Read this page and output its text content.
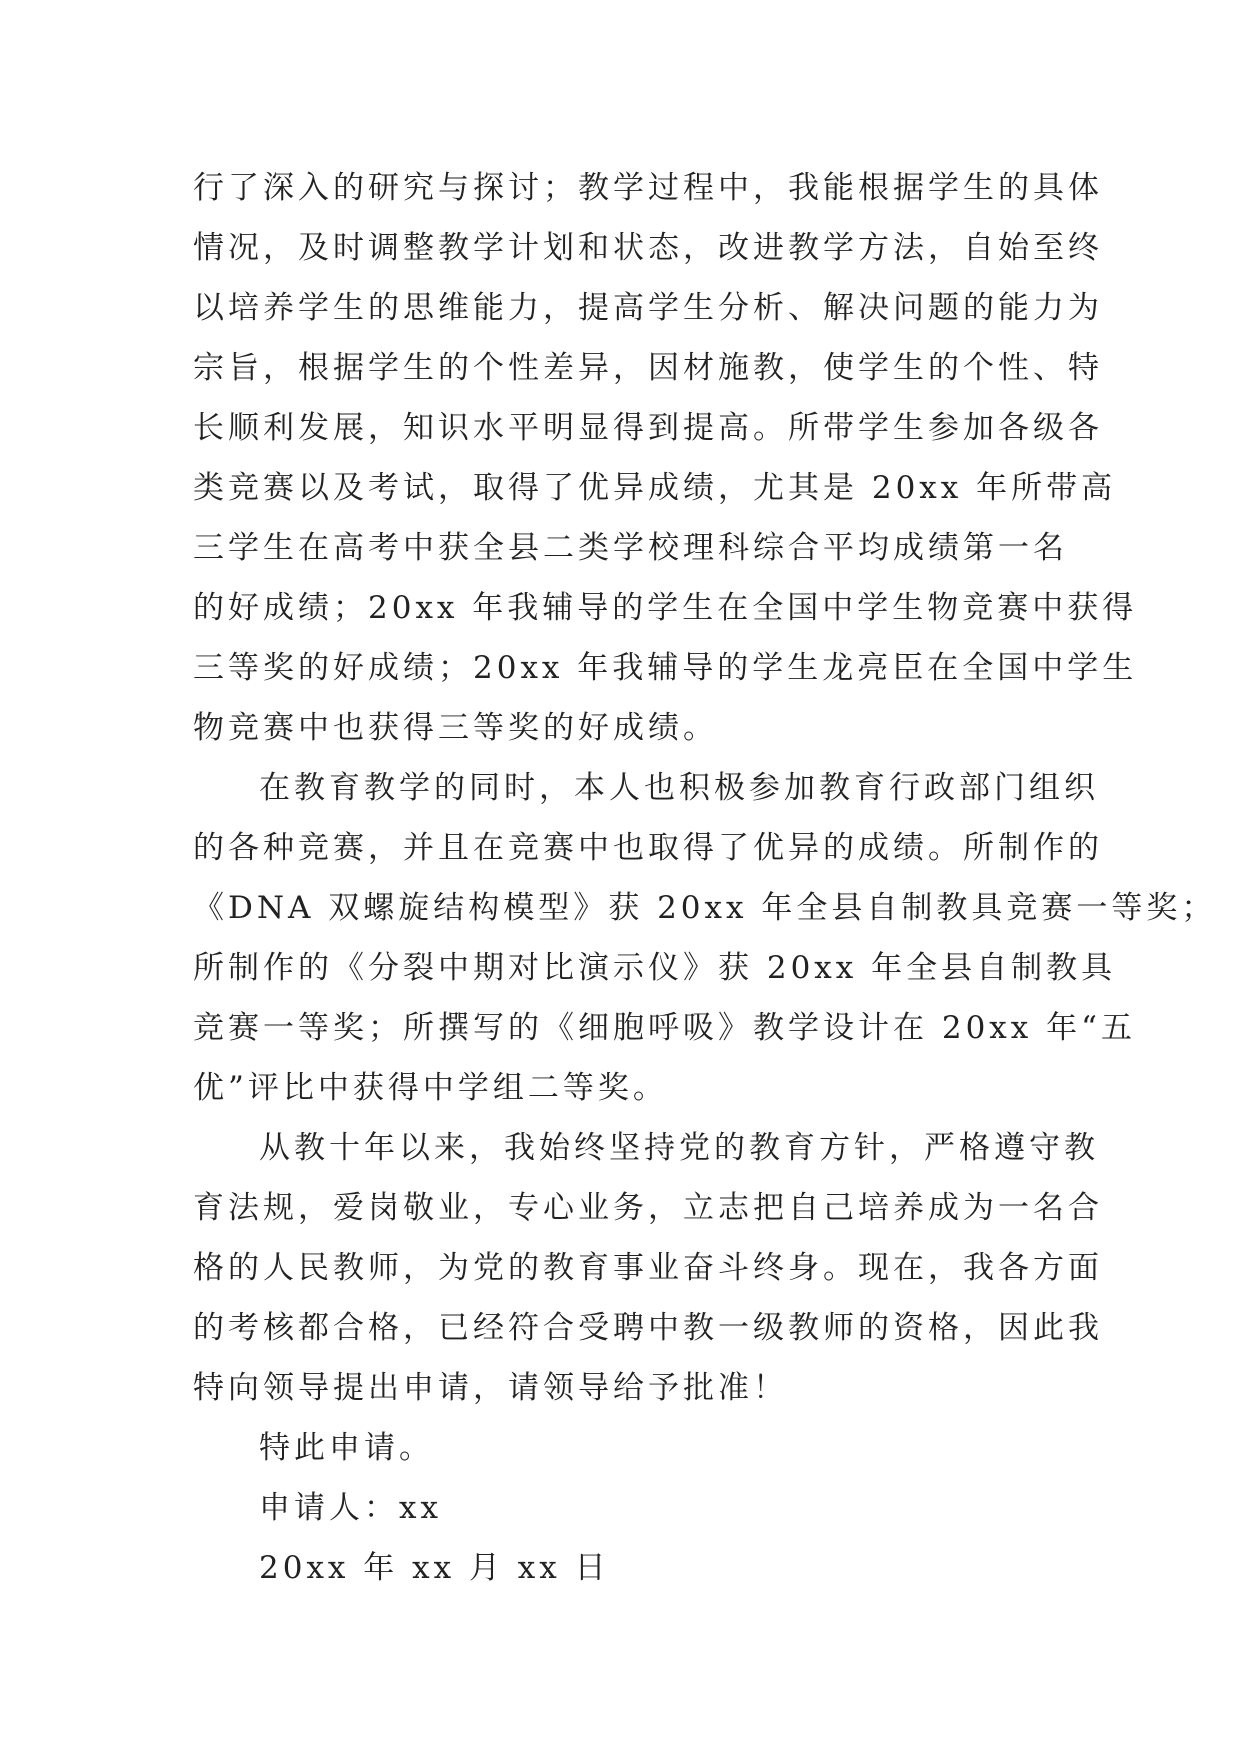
行了深入的研究与探讨；教学过程中，我能根据学生的具体
情况，及时调整教学计划和状态，改进教学方法，自始至终
以培养学生的思维能力，提高学生分析、解决问题的能力为
宗旨，根据学生的个性差异，因材施教，使学生的个性、特
长顺利发展，知识水平明显得到提高。所带学生参加各级各
类竞赛以及考试，取得了优异成绩，尤其是 20xx 年所带高
三学生在高考中获全县二类学校理科综合平均成绩第一名
的好成绩；20xx 年我辅导的学生在全国中学生物竞赛中获得
三等奖的好成绩；20xx 年我辅导的学生龙亮臣在全国中学生
物竞赛中也获得三等奖的好成绩。
在教育教学的同时，本人也积极参加教育行政部门组织
的各种竞赛，并且在竞赛中也取得了优异的成绩。所制作的
《DNA 双螺旋结构模型》获 20xx 年全县自制教具竞赛一等奖；
所制作的《分裂中期对比演示仪》获 20xx 年全县自制教具
竞赛一等奖；所撰写的《细胞呼吸》教学设计在 20xx 年“五
优”评比中获得中学组二等奖。
从教十年以来，我始终坚持党的教育方针，严格遵守教
育法规，爱岗敬业，专心业务，立志把自己培养成为一名合
格的人民教师，为党的教育事业奋斗终身。现在，我各方面
的考核都合格，已经符合受聘中教一级教师的资格，因此我
特向领导提出申请，请领导给予批准！
特此申请。
申请人：xx
20xx 年 xx 月 xx 日
